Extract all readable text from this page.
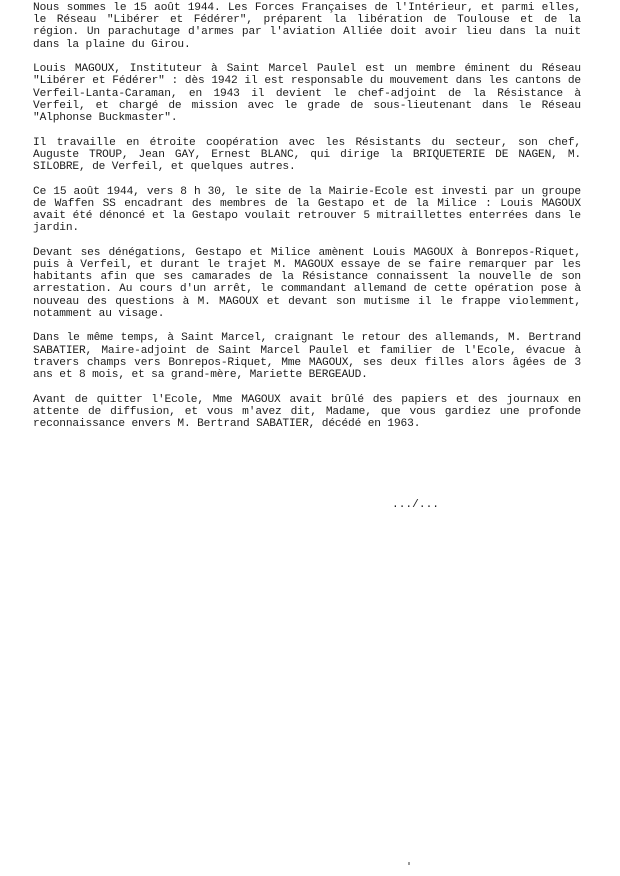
Nous sommes le 15 août 1944. Les Forces Françaises de l'Intérieur, et parmi elles, le Réseau "Libérer et Fédérer", préparent la libération de Toulouse et de la région. Un parachutage d'armes par l'aviation Alliée doit avoir lieu dans la nuit dans la plaine du Girou.

Louis MAGOUX, Instituteur à Saint Marcel Paulel est un membre éminent du Réseau "Libérer et Fédérer" : dès 1942 il est responsable du mouvement dans les cantons de Verfeil-Lanta-Caraman, en 1943 il devient le chef-adjoint de la Résistance à Verfeil, et chargé de mission avec le grade de sous-lieutenant dans le Réseau "Alphonse Buckmaster".

Il travaille en étroite coopération avec les Résistants du secteur, son chef, Auguste TROUP, Jean GAY, Ernest BLANC, qui dirige la BRIQUETERIE DE NAGEN, M. SILOBRE, de Verfeil, et quelques autres.

Ce 15 août 1944, vers 8 h 30, le site de la Mairie-Ecole est investi par un groupe de Waffen SS encadrant des membres de la Gestapo et de la Milice : Louis MAGOUX avait été dénoncé et la Gestapo voulait retrouver 5 mitraillettes enterrées dans le jardin.

Devant ses dénégations, Gestapo et Milice amènent Louis MAGOUX à Bonrepos-Riquet, puis à Verfeil, et durant le trajet M. MAGOUX essaye de se faire remarquer par les habitants afin que ses camarades de la Résistance connaissent la nouvelle de son arrestation. Au cours d'un arrêt, le commandant allemand de cette opération pose à nouveau des questions à M. MAGOUX et devant son mutisme il le frappe violemment, notamment au visage.

Dans le même temps, à Saint Marcel, craignant le retour des allemands, M. Bertrand SABATIER, Maire-adjoint de Saint Marcel Paulel et familier de l'Ecole, évacue à travers champs vers Bonrepos-Riquet, Mme MAGOUX, ses deux filles alors âgées de 3 ans et 8 mois, et sa grand-mère, Mariette BERGEAUD.

Avant de quitter l'Ecole, Mme MAGOUX avait brûlé des papiers et des journaux en attente de diffusion, et vous m'avez dit, Madame, que vous gardiez une profonde reconnaissance envers M. Bertrand SABATIER, décédé en 1963.

.../...
